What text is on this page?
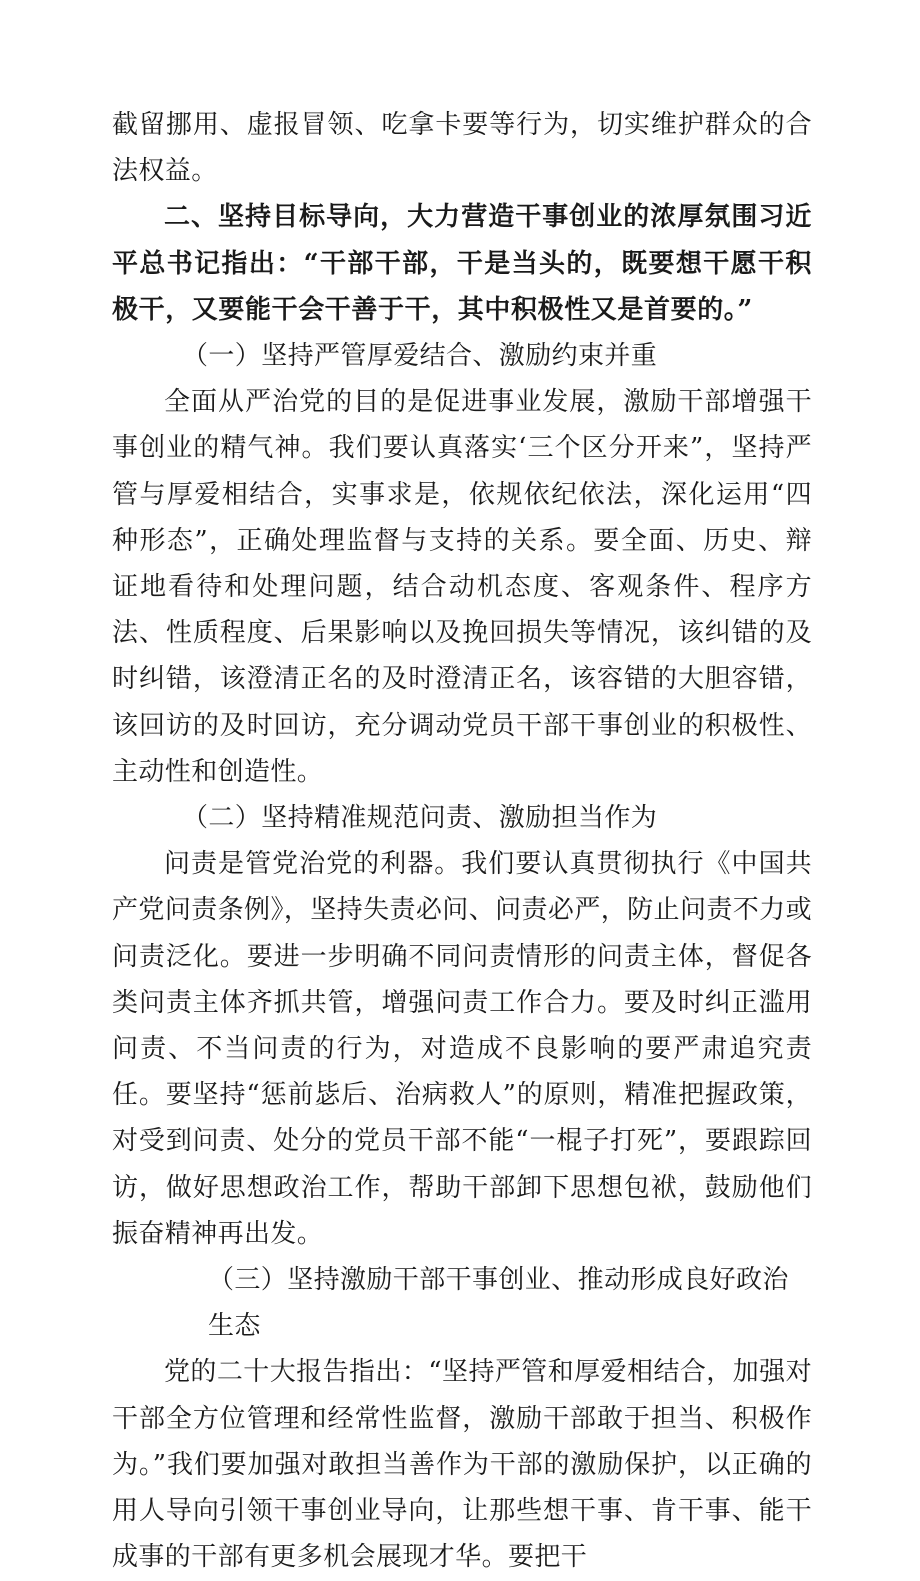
截留挪用、虚报冒领、吃拿卡要等行为，切实维护群众的合法权益。

二、坚持目标导向，大力营造干事创业的浓厚氛围习近平总书记指出：“干部干部，干是当头的，既要想干愿干积极干，又要能干会干善于干，其中积极性又是首要的。”

（一）坚持严管厚爱结合、激励约束并重

全面从严治党的目的是促进事业发展，激励干部增强干事创业的精气神。我们要认真落实‘三个区分开来”，坚持严管与厚爱相结合，实事求是，依规依纪依法，深化运用“四种形态”，正确处理监督与支持的关系。要全面、历史、辩证地看待和处理问题，结合动机态度、客观条件、程序方法、性质程度、后果影响以及挽回损失等情况，该纠错的及时纠错，该澄清正名的及时澄清正名，该容错的大胆容错，该回访的及时回访，充分调动党员干部干事创业的积极性、主动性和创造性。

（二）坚持精准规范问责、激励担当作为

问责是管党治党的利器。我们要认真贯彻执行《中国共产党问责条例》，坚持失责必问、问责必严，防止问责不力或问责泛化。要进一步明确不同问责情形的问责主体，督促各类问责主体齐抓共管，增强问责工作合力。要及时纠正滥用问责、不当问责的行为，对造成不良影响的要严肃追究责任。要坚持“惩前毖后、治病救人”的原则，精准把握政策，对受到问责、处分的党员干部不能“一棍子打死”，要跟踪回访，做好思想政治工作，帮助干部卸下思想包袱，鼓励他们振奋精神再出发。

（三）坚持激励干部干事创业、推动形成良好政治生态

党的二十大报告指出：“坚持严管和厚爱相结合，加强对干部全方位管理和经常性监督，激励干部敢于担当、积极作为。”我们要加强对敢担当善作为干部的激励保护，以正确的用人导向引领干事创业导向，让那些想干事、肯干事、能干成事的干部有更多机会展现才华。要把干
